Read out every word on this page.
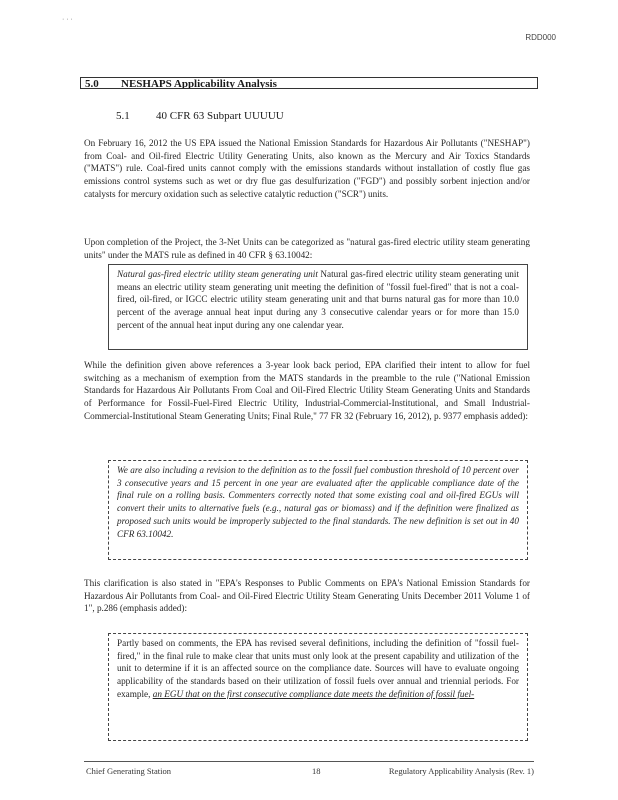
· · ·
RDD000
5.0 NESHAPS Applicability Analysis
5.1 40 CFR 63 Subpart UUUUU

On February 16, 2012 the US EPA issued the National Emission Standards for Hazardous Air Pollutants ("NESHAP") from Coal- and Oil-fired Electric Utility Generating Units, also known as the Mercury and Air Toxics Standards ("MATS") rule. Coal-fired units cannot comply with the emissions standards without installation of costly flue gas emissions control systems such as wet or dry flue gas desulfurization ("FGD") and possibly sorbent injection and/or catalysts for mercury oxidation such as selective catalytic reduction ("SCR") units.

Upon completion of the Project, the 3-Net Units can be categorized as "natural gas-fired electric utility steam generating units" under the MATS rule as defined in 40 CFR § 63.10042:

Natural gas-fired electric utility steam generating unit Natural gas-fired electric utility steam generating unit means an electric utility steam generating unit meeting the definition of "fossil fuel-fired" that is not a coal-fired, oil-fired, or IGCC electric utility steam generating unit and that burns natural gas for more than 10.0 percent of the average annual heat input during any 3 consecutive calendar years or for more than 15.0 percent of the annual heat input during any one calendar year.

While the definition given above references a 3-year look back period, EPA clarified their intent to allow for fuel switching as a mechanism of exemption from the MATS standards in the preamble to the rule ("National Emission Standards for Hazardous Air Pollutants From Coal and Oil-Fired Electric Utility Steam Generating Units and Standards of Performance for Fossil-Fuel-Fired Electric Utility, Industrial-Commercial-Institutional, and Small Industrial-Commercial-Institutional Steam Generating Units; Final Rule," 77 FR 32 (February 16, 2012), p. 9377 emphasis added):

We are also including a revision to the definition as to the fossil fuel combustion threshold of 10 percent over 3 consecutive years and 15 percent in one year are evaluated after the applicable compliance date of the final rule on a rolling basis. Commenters correctly noted that some existing coal and oil-fired EGUs will convert their units to alternative fuels (e.g., natural gas or biomass) and if the definition were finalized as proposed such units would be improperly subjected to the final standards. The new definition is set out in 40 CFR 63.10042.

This clarification is also stated in "EPA's Responses to Public Comments on EPA's National Emission Standards for Hazardous Air Pollutants from Coal- and Oil-Fired Electric Utility Steam Generating Units December 2011 Volume 1 of 1", p.286 (emphasis added):

Partly based on comments, the EPA has revised several definitions, including the definition of "fossil fuel-fired," in the final rule to make clear that units must only look at the present capability and utilization of the unit to determine if it is an affected source on the compliance date. Sources will have to evaluate ongoing applicability of the standards based on their utilization of fossil fuels over annual and triennial periods. For example, an EGU that on the first consecutive compliance date meets the definition of fossil fuel-
Chief Generating Station	18	Regulatory Applicability Analysis (Rev. 1)
